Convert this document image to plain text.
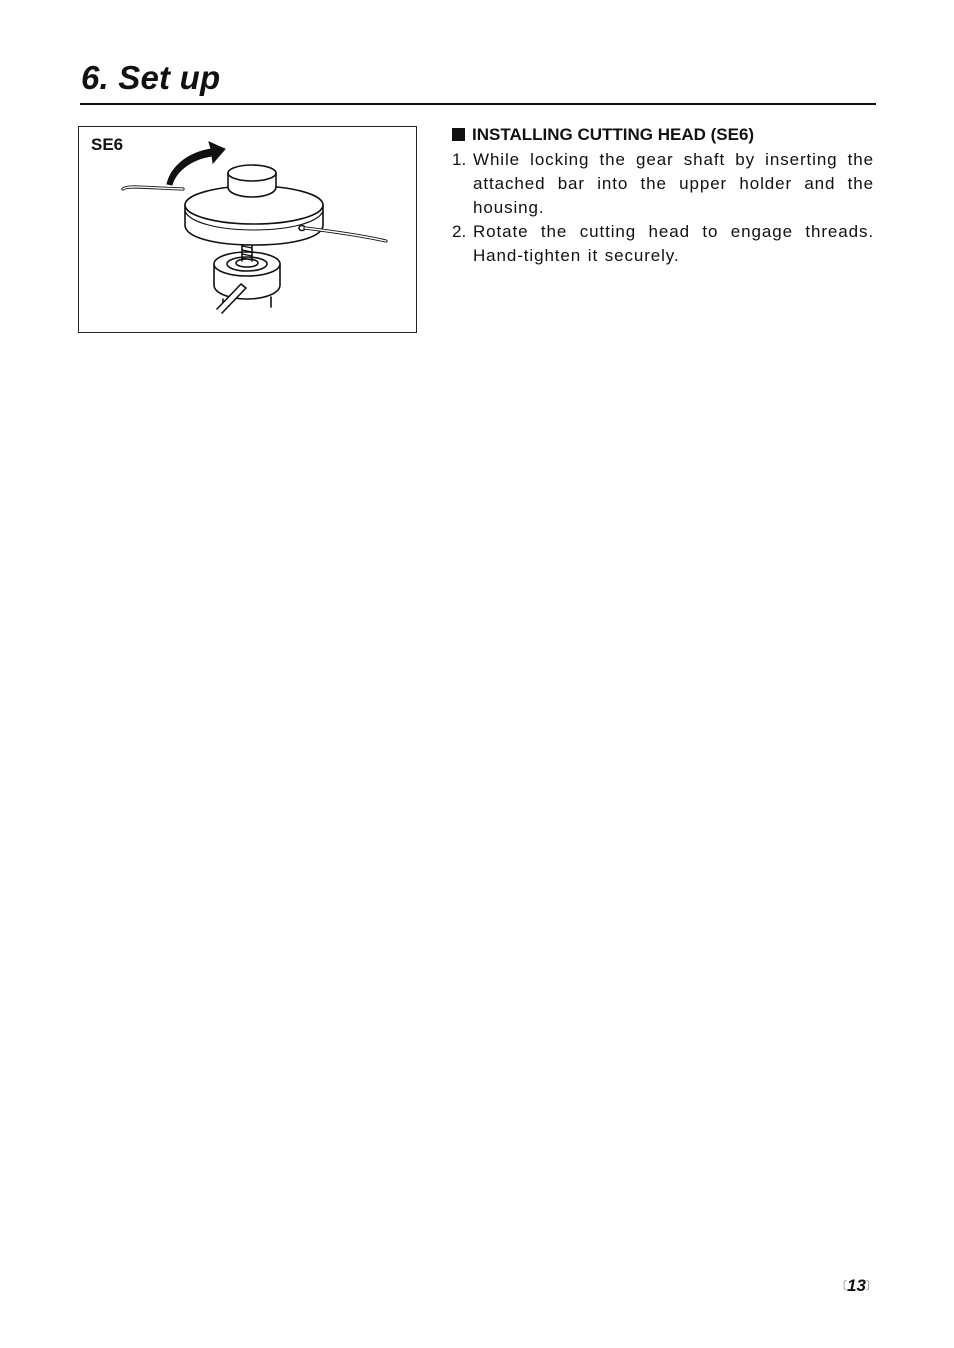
6. Set up
SE6
INSTALLING CUTTING HEAD (SE6)
1. While locking the gear shaft by inserting the attached bar into the upper holder and the housing.
2. Rotate the cutting head to engage threads. Hand-tighten it securely.
〔13〕
